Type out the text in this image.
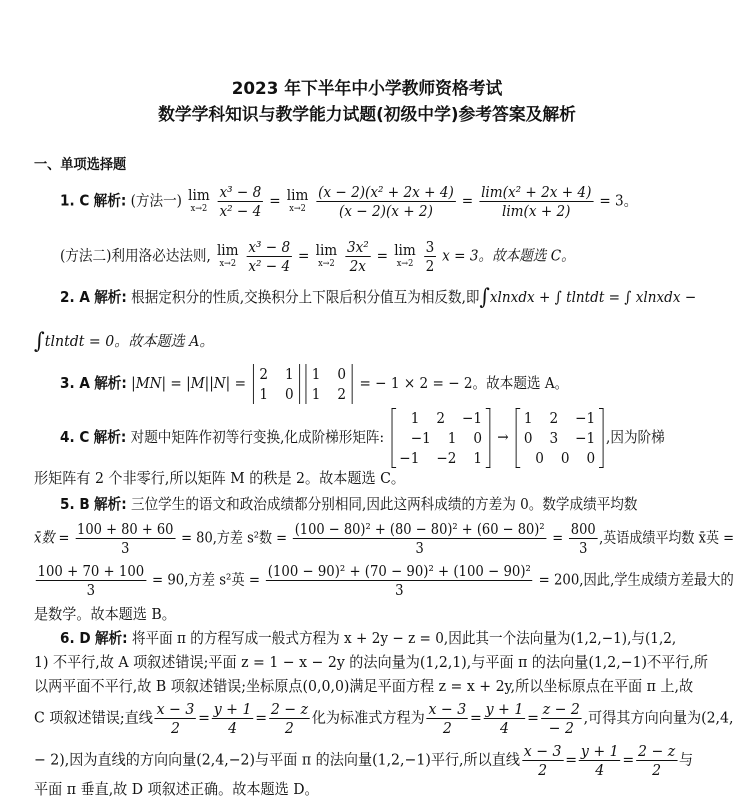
2023 年下半年中小学教师资格考试
数学学科知识与教学能力试题(初级中学)参考答案及解析
一、单项选择题
1. C 解析: (方法一) lim
x→2
$\frac{\text{x³ − 8}}{\text{x² − 4}} = \lim$
x→2
$\frac{\text{(x − 2)(x² + 2x + 4)}}{(x - 2)(x + 2)} = \frac{\text{lim(x² + 2x + 4)}}{\lim(x + 2)} = 3$。
(方法二)利用洛必达法则, lim
x→2
$\frac{\text{x³ − 8}}{\text{x² − 4}} = \lim$
x→2
$\frac{\text{3x²}}{2x} = \lim$
x→2
$\frac{3}{2}$ x = 3。故本题选 C。
2. A 解析: 根据定积分的性质,交换积分上下限后积分值互为相反数,即∫xlnxdx + ∫ tlntdt = ∫ xlnxdx −
∫tlntdt = 0。故本题选 A。
3. A 解析: |MN| = |M||N| = 2 1
1 0
1 0
1 2
= − 1 × 2 = − 2。故本题选 A。
4. C 解析: 对题中矩阵作初等行变换,化成阶梯形矩阵:
1 2 −1
−1 1 0
−1 −2 1
→
1 2 −1
0 3 −1
0 0 0
,因为阶梯
形矩阵有 2 个非零行,所以矩阵 M 的秩是 2。故本题选 C。
5. B 解析: 三位学生的语文和政治成绩都分别相同,因此这两科成绩的方差为 0。数学成绩平均数
x̄数 = $\frac{100 + 80 + 60}{3} = 80$,方差 s²数 = $\frac{\text{(100 − 80)² + (80 − 80)² + (60 − 80)²}}{3} = \frac{800}{3}$ ,英语成绩平均数 x̄英 =
$\frac{100 + 70 + 100}{3} = 90$,方差 s²英 = $\frac{\text{(100 − 90)² + (70 − 90)² + (100 − 90)²}}{3} = 200$,因此,学生成绩方差最大的
是数学。故本题选 B。
6. D 解析: 将平面 π 的方程写成一般式方程为 x + 2y − z = 0,因此其一个法向量为(1,2,−1),与(1,2,
1) 不平行,故 A 项叙述错误;平面 z = 1 − x − 2y 的法向量为(1,2,1),与平面 π 的法向量(1,2,−1)不平行,所
以两平面不平行,故 B 项叙述错误;坐标原点(0,0,0)满足平面方程 z = x + 2y,所以坐标原点在平面 π 上,故
C 项叙述错误;直线 $\frac{x - 3}{2} = \frac{y + 1}{4} = \frac{2 - z}{2}$ 化为标准式方程为 $\frac{x - 3}{2} = \frac{y + 1}{4} = \frac{z - 2}{- 2}$ ,可得其方向向量为(2,4,
− 2),因为直线的方向向量(2,4,−2)与平面 π 的法向量(1,2,−1)平行,所以直线 $\frac{x - 3}{2} = \frac{y + 1}{4} = \frac{2 - z}{2}$ 与
平面 π 垂直,故 D 项叙述正确。故本题选 D。
